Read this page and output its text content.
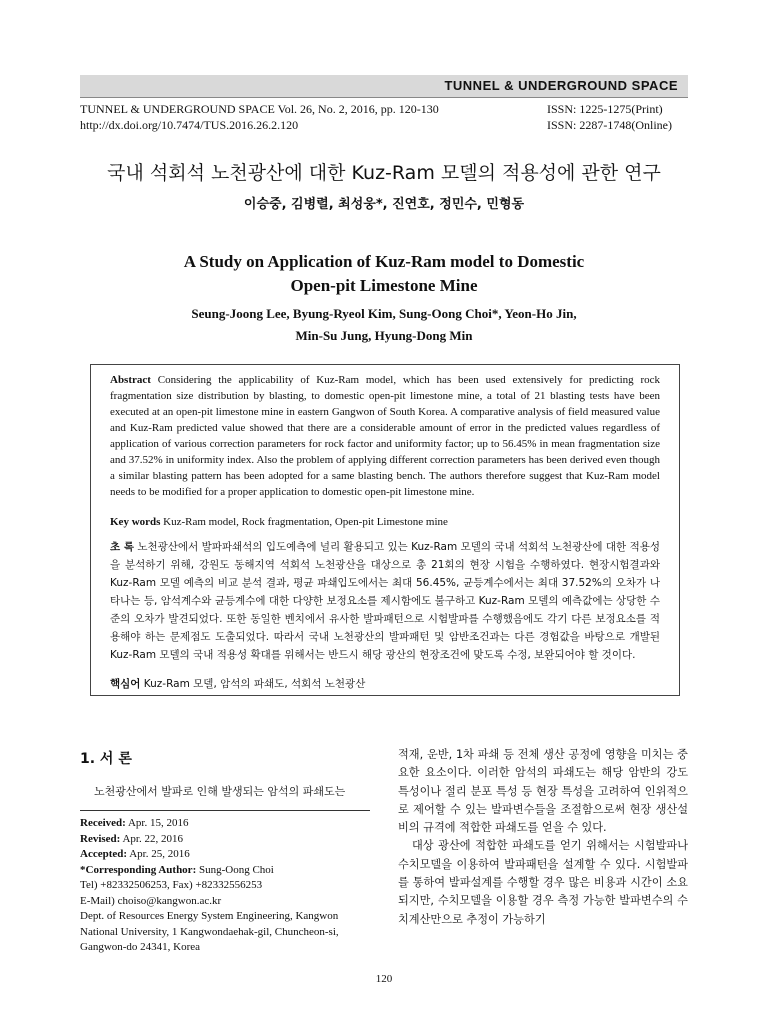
TUNNEL & UNDERGROUND SPACE
TUNNEL & UNDERGROUND SPACE Vol. 26, No. 2, 2016, pp. 120-130
http://dx.doi.org/10.7474/TUS.2016.26.2.120
ISSN: 1225-1275(Print)
ISSN: 2287-1748(Online)
국내 석회석 노천광산에 대한 Kuz-Ram 모델의 적용성에 관한 연구
이승중, 김병렬, 최성웅*, 진연호, 정민수, 민형동
A Study on Application of Kuz-Ram model to Domestic
Open-pit Limestone Mine
Seung-Joong Lee, Byung-Ryeol Kim, Sung-Oong Choi*, Yeon-Ho Jin,
Min-Su Jung, Hyung-Dong Min
Abstract Considering the applicability of Kuz-Ram model, which has been used extensively for predicting rock fragmentation size distribution by blasting, to domestic open-pit limestone mine, a total of 21 blasting tests have been executed at an open-pit limestone mine in eastern Gangwon of South Korea. A comparative analysis of field measured value and Kuz-Ram predicted value showed that there are a considerable amount of error in the predicted values regardless of application of various correction parameters for rock factor and uniformity factor; up to 56.45% in mean fragmentation size and 37.52% in uniformity index. Also the problem of applying different correction parameters has been derived even though a similar blasting pattern has been adopted for a same blasting bench. The authors therefore suggest that Kuz-Ram model needs to be modified for a proper application to domestic open-pit limestone mine.
Key words Kuz-Ram model, Rock fragmentation, Open-pit Limestone mine
초 록 노천광산에서 발파파쇄석의 입도예측에 널리 활용되고 있는 Kuz-Ram 모델의 국내 석회석 노천광산에 대한 적용성을 분석하기 위해, 강원도 동해지역 석회석 노천광산을 대상으로 총 21회의 현장 시험을 수행하였다. 현장시험결과와 Kuz-Ram 모델 예측의 비교 분석 결과, 평균 파쇄입도에서는 최대 56.45%, 균등계수에서는 최대 37.52%의 오차가 나타나는 등, 암석계수와 균등계수에 대한 다양한 보정요소를 제시함에도 불구하고 Kuz-Ram 모델의 예측값에는 상당한 수준의 오차가 발견되었다. 또한 동일한 벤치에서 유사한 발파패턴으로 시험발파를 수행했음에도 각기 다른 보정요소를 적용해야 하는 문제점도 도출되었다. 따라서 국내 노천광산의 발파패턴 및 암반조건과는 다른 경험값을 바탕으로 개발된 Kuz-Ram 모델의 국내 적용성 확대를 위해서는 반드시 해당 광산의 현장조건에 맞도록 수정, 보완되어야 할 것이다.
핵심어 Kuz-Ram 모델, 암석의 파쇄도, 석회석 노천광산
1. 서 론
노천광산에서 발파로 인해 발생되는 암석의 파쇄도는
Received: Apr. 15, 2016
Revised: Apr. 22, 2016
Accepted: Apr. 25, 2016
*Corresponding Author: Sung-Oong Choi
Tel) +82332506253, Fax) +82332556253
E-Mail) choiso@kangwon.ac.kr
Dept. of Resources Energy System Engineering, Kangwon National University, 1 Kangwondaehak-gil, Chuncheon-si, Gangwon-do 24341, Korea

적재, 운반, 1차 파쇄 등 전체 생산 공정에 영향을 미치는 중요한 요소이다. 이러한 암석의 파쇄도는 해당 암반의 강도 특성이나 절리 분포 특성 등 현장 특성을 고려하여 인위적으로 제어할 수 있는 발파변수들을 조절함으로써 현장 생산설비의 규격에 적합한 파쇄도를 얻을 수 있다.

대상 광산에 적합한 파쇄도를 얻기 위해서는 시험발파나 수치모델을 이용하여 발파패턴을 설계할 수 있다. 시험발파를 통하여 발파설계를 수행할 경우 많은 비용과 시간이 소요되지만, 수치모델을 이용할 경우 측정 가능한 발파변수의 수치계산만으로 추정이 가능하기

120
